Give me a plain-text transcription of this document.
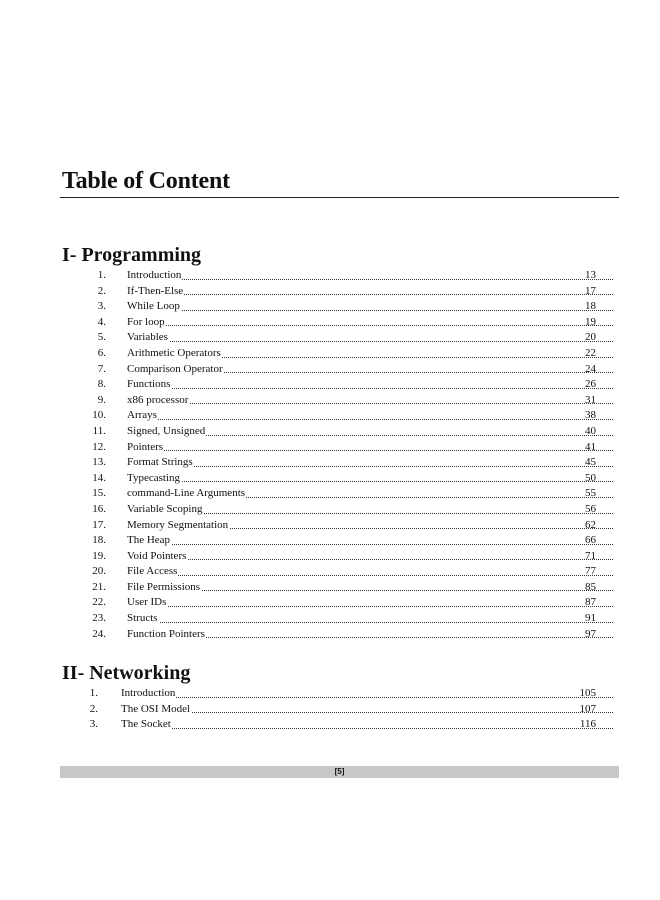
Table of Content
I- Programming
1. Introduction	13
2. If-Then-Else	17
3. While Loop	18
4. For loop	19
5. Variables	20
6. Arithmetic Operators	22
7. Comparison Operator	24
8. Functions	26
9. x86 processor	31
10. Arrays	38
11. Signed, Unsigned	40
12. Pointers	41
13. Format Strings	45
14. Typecasting	50
15. command-Line Arguments	55
16. Variable Scoping	56
17. Memory Segmentation	62
18. The Heap	66
19. Void Pointers	71
20. File Access	77
21. File Permissions	85
22. User IDs	87
23. Structs	91
24. Function Pointers	97
II- Networking
1. Introduction	105
2. The OSI Model	107
3. The Socket	116
[5]
